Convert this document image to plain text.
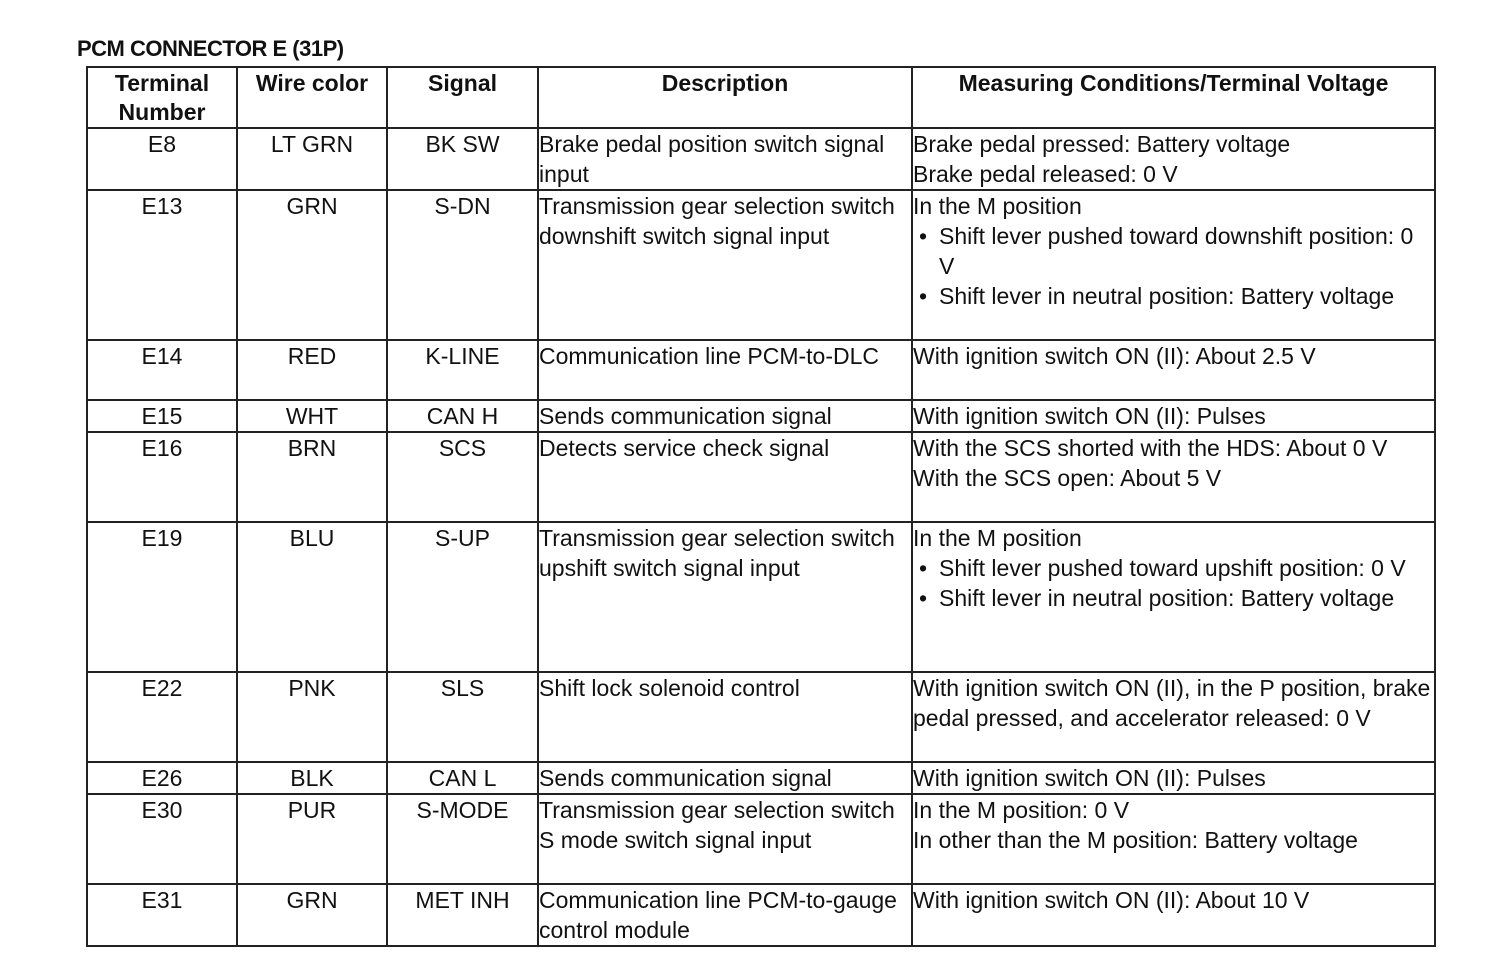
PCM CONNECTOR E (31P)
Terminal
Number	Wire color	Signal	Description	Measuring Conditions/Terminal Voltage
E8	LT GRN	BK SW	Brake pedal position switch signal input	Brake pedal pressed: Battery voltage
Brake pedal released: 0 V

E13	GRN	S-DN	Transmission gear selection switch downshift switch signal input	In the M position
• Shift lever pushed toward downshift position: 0 V
• Shift lever in neutral position: Battery voltage

E14	RED	K-LINE	Communication line PCM-to-DLC	With ignition switch ON (II): About 2.5 V
E15	WHT	CAN H	Sends communication signal	With ignition switch ON (II): Pulses
E16	BRN	SCS	Detects service check signal	With the SCS shorted with the HDS: About 0 V
With the SCS open: About 5 V

E19	BLU	S-UP	Transmission gear selection switch upshift switch signal input	In the M position
• Shift lever pushed toward upshift position: 0 V
• Shift lever in neutral position: Battery voltage

E22	PNK	SLS	Shift lock solenoid control	With ignition switch ON (II), in the P position, brake pedal pressed, and accelerator released: 0 V
E26	BLK	CAN L	Sends communication signal	With ignition switch ON (II): Pulses
E30	PUR	S-MODE	Transmission gear selection switch S mode switch signal input	In the M position: 0 V
In other than the M position: Battery voltage

E31	GRN	MET INH	Communication line PCM-to-gauge control module	With ignition switch ON (II): About 10 V
